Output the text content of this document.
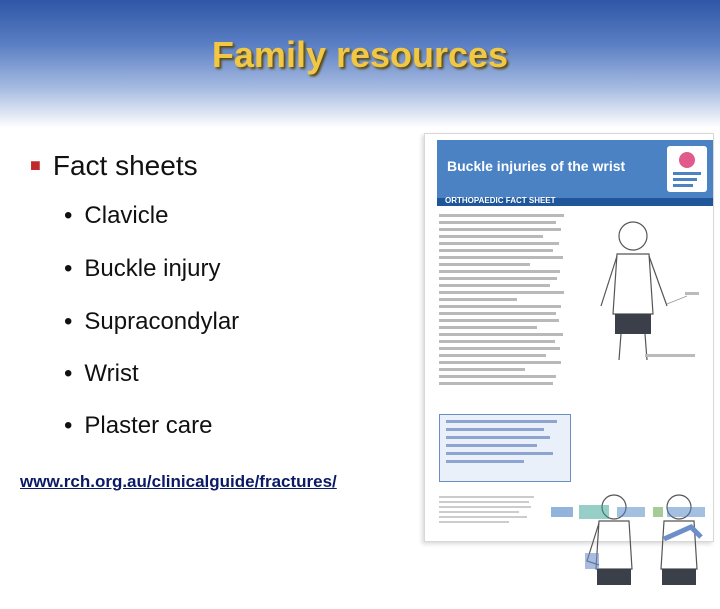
Family resources
■ Fact sheets
• Clavicle
• Buckle injury
• Supracondylar
• Wrist
• Plaster care
www.rch.org.au/clinicalguide/fractures/
Buckle injuries of the wrist
ORTHOPAEDIC FACT SHEET
